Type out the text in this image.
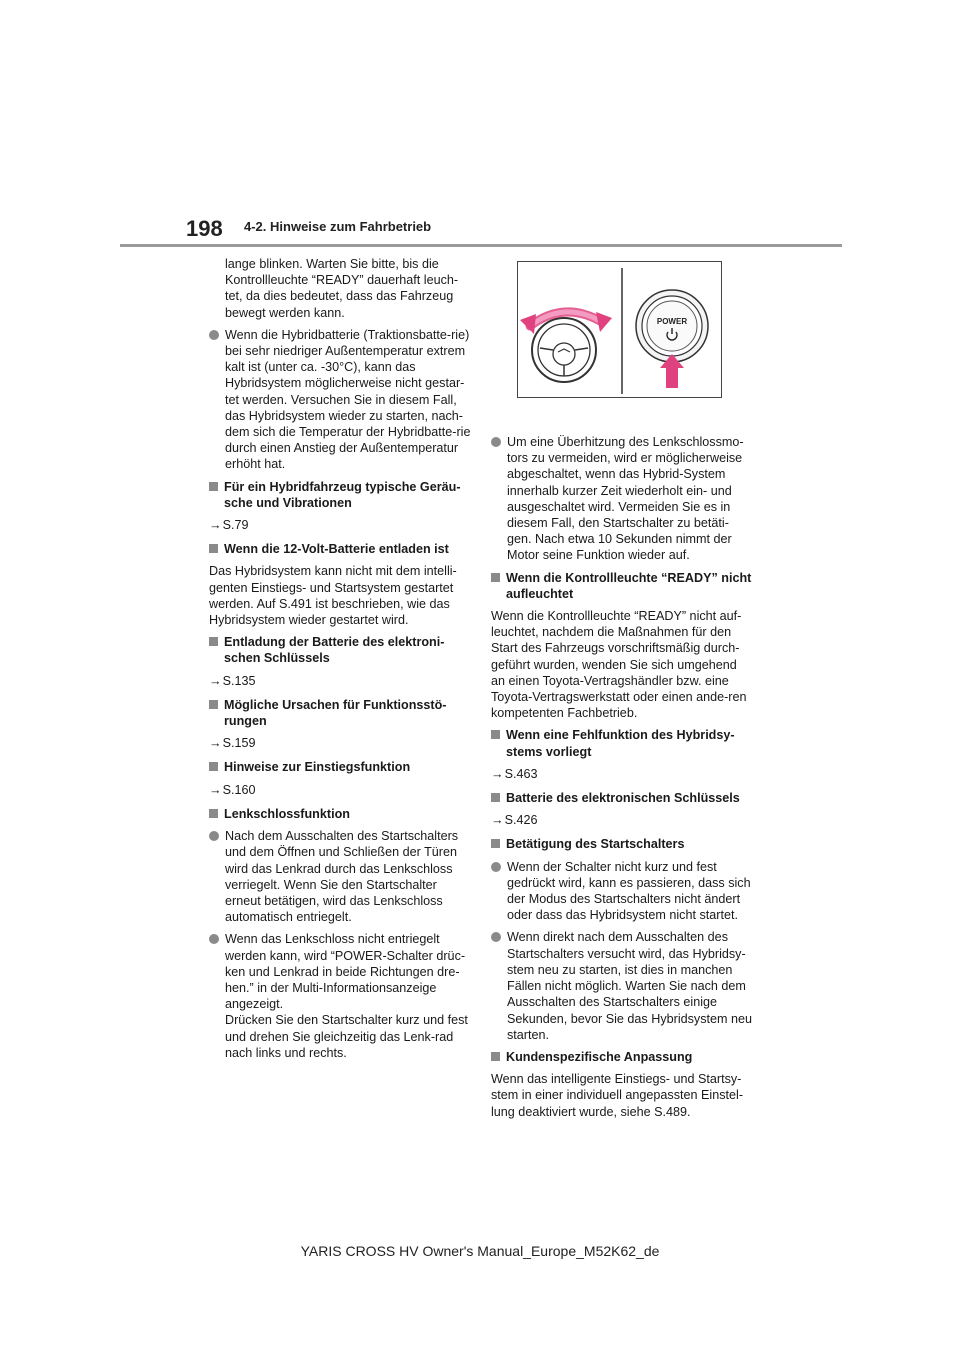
198 4-2. Hinweise zum Fahrbetrieb

lange blinken. Warten Sie bitte, bis die Kontrollleuchte “READY” dauerhaft leuch-tet, da dies bedeutet, dass das Fahrzeug bewegt werden kann.

Wenn die Hybridbatterie (Traktionsbatte-rie) bei sehr niedriger Außentemperatur extrem kalt ist (unter ca. -30°C), kann das Hybridsystem möglicherweise nicht gestar-tet werden. Versuchen Sie in diesem Fall, das Hybridsystem wieder zu starten, nach-dem sich die Temperatur der Hybridbatte-rie durch einen Anstieg der Außentemperatur erhöht hat.

Für ein Hybridfahrzeug typische Geräu-sche und Vibrationen

→S.79

Wenn die 12-Volt-Batterie entladen ist

Das Hybridsystem kann nicht mit dem intelli-genten Einstiegs- und Startsystem gestartet werden. Auf S.491 ist beschrieben, wie das Hybridsystem wieder gestartet wird.

Entladung der Batterie des elektroni-schen Schlüssels

→S.135

Mögliche Ursachen für Funktionsstö-rungen

→S.159

Hinweise zur Einstiegsfunktion

→S.160

Lenkschlossfunktion

Nach dem Ausschalten des Startschalters und dem Öffnen und Schließen der Türen wird das Lenkrad durch das Lenkschloss verriegelt. Wenn Sie den Startschalter erneut betätigen, wird das Lenkschloss automatisch entriegelt.

Wenn das Lenkschloss nicht entriegelt werden kann, wird “POWER-Schalter drüc-ken und Lenkrad in beide Richtungen dre-hen.” in der Multi-Informationsanzeige angezeigt.
Drücken Sie den Startschalter kurz und fest und drehen Sie gleichzeitig das Lenk-rad nach links und rechts.

POWER

Um eine Überhitzung des Lenkschlossmo-tors zu vermeiden, wird er möglicherweise abgeschaltet, wenn das Hybrid-System innerhalb kurzer Zeit wiederholt ein- und ausgeschaltet wird. Vermeiden Sie es in diesem Fall, den Startschalter zu betäti-gen. Nach etwa 10 Sekunden nimmt der Motor seine Funktion wieder auf.

Wenn die Kontrollleuchte “READY” nicht aufleuchtet

Wenn die Kontrollleuchte “READY” nicht auf-leuchtet, nachdem die Maßnahmen für den Start des Fahrzeugs vorschriftsmäßig durch-geführt wurden, wenden Sie sich umgehend an einen Toyota-Vertragshändler bzw. eine Toyota-Vertragswerkstatt oder einen ande-ren kompetenten Fachbetrieb.

Wenn eine Fehlfunktion des Hybridsy-stems vorliegt

→S.463

Batterie des elektronischen Schlüssels

→S.426

Betätigung des Startschalters

Wenn der Schalter nicht kurz und fest gedrückt wird, kann es passieren, dass sich der Modus des Startschalters nicht ändert oder dass das Hybridsystem nicht startet.

Wenn direkt nach dem Ausschalten des Startschalters versucht wird, das Hybridsy-stem neu zu starten, ist dies in manchen Fällen nicht möglich. Warten Sie nach dem Ausschalten des Startschalters einige Sekunden, bevor Sie das Hybridsystem neu starten.

Kundenspezifische Anpassung

Wenn das intelligente Einstiegs- und Startsy-stem in einer individuell angepassten Einstel-lung deaktiviert wurde, siehe S.489.

YARIS CROSS HV Owner's Manual_Europe_M52K62_de
